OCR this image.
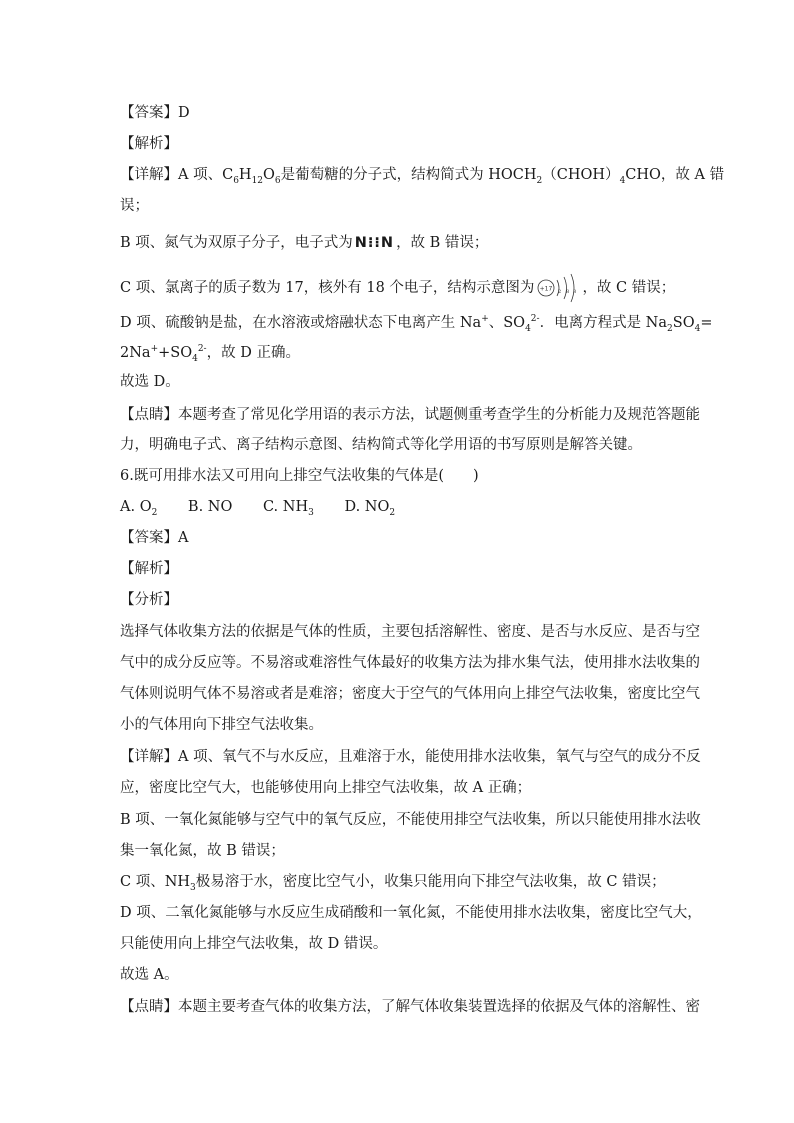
【答案】D
【解析】
【详解】A 项、$C_6H_{12}O_6$是葡萄糖的分子式，结构简式为 $HOCH_2(CHOH)_4CHO$，故 A 错
误；
B 项、氮气为双原子分子，电子式为 N⁝⁝N ，故 B 错误；
C 项、氯离子的质子数为 17，核外有 18 个电子，结构示意图为 +17 2 8 8 ，故 C 错误；
D 项、硫酸钠是盐，在水溶液或熔融状态下电离产生 Na+、$SO_4^{2-}$．电离方程式是 $Na_2SO_4=$
$2Na^++SO_4^{2-}$，故 D 正确。
故选 D。
【点睛】本题考查了常见化学用语的表示方法，试题侧重考查学生的分析能力及规范答题能
力，明确电子式、离子结构示意图、结构简式等化学用语的书写原则是解答关键。
6.既可用排水法又可用向上排空气法收集的气体是(　　)
A. $O_2$ B. NO C. $NH_3$ D. $NO_2$
【答案】A
【解析】
【分析】
选择气体收集方法的依据是气体的性质，主要包括溶解性、密度、是否与水反应、是否与空
气中的成分反应等。不易溶或难溶性气体最好的收集方法为排水集气法，使用排水法收集的
气体则说明气体不易溶或者是难溶；密度大于空气的气体用向上排空气法收集，密度比空气
小的气体用向下排空气法收集。
【详解】A 项、氧气不与水反应，且难溶于水，能使用排水法收集，氧气与空气的成分不反
应，密度比空气大，也能够使用向上排空气法收集，故 A 正确；
B 项、一氧化氮能够与空气中的氧气反应，不能使用排空气法收集，所以只能使用排水法收
集一氧化氮，故 B 错误；
C 项、$NH_3$极易溶于水，密度比空气小，收集只能用向下排空气法收集，故 C 错误；
D 项、二氧化氮能够与水反应生成硝酸和一氧化氮，不能使用排水法收集，密度比空气大，
只能使用向上排空气法收集，故 D 错误。
故选 A。
【点睛】本题主要考查气体的收集方法，了解气体收集装置选择的依据及气体的溶解性、密
